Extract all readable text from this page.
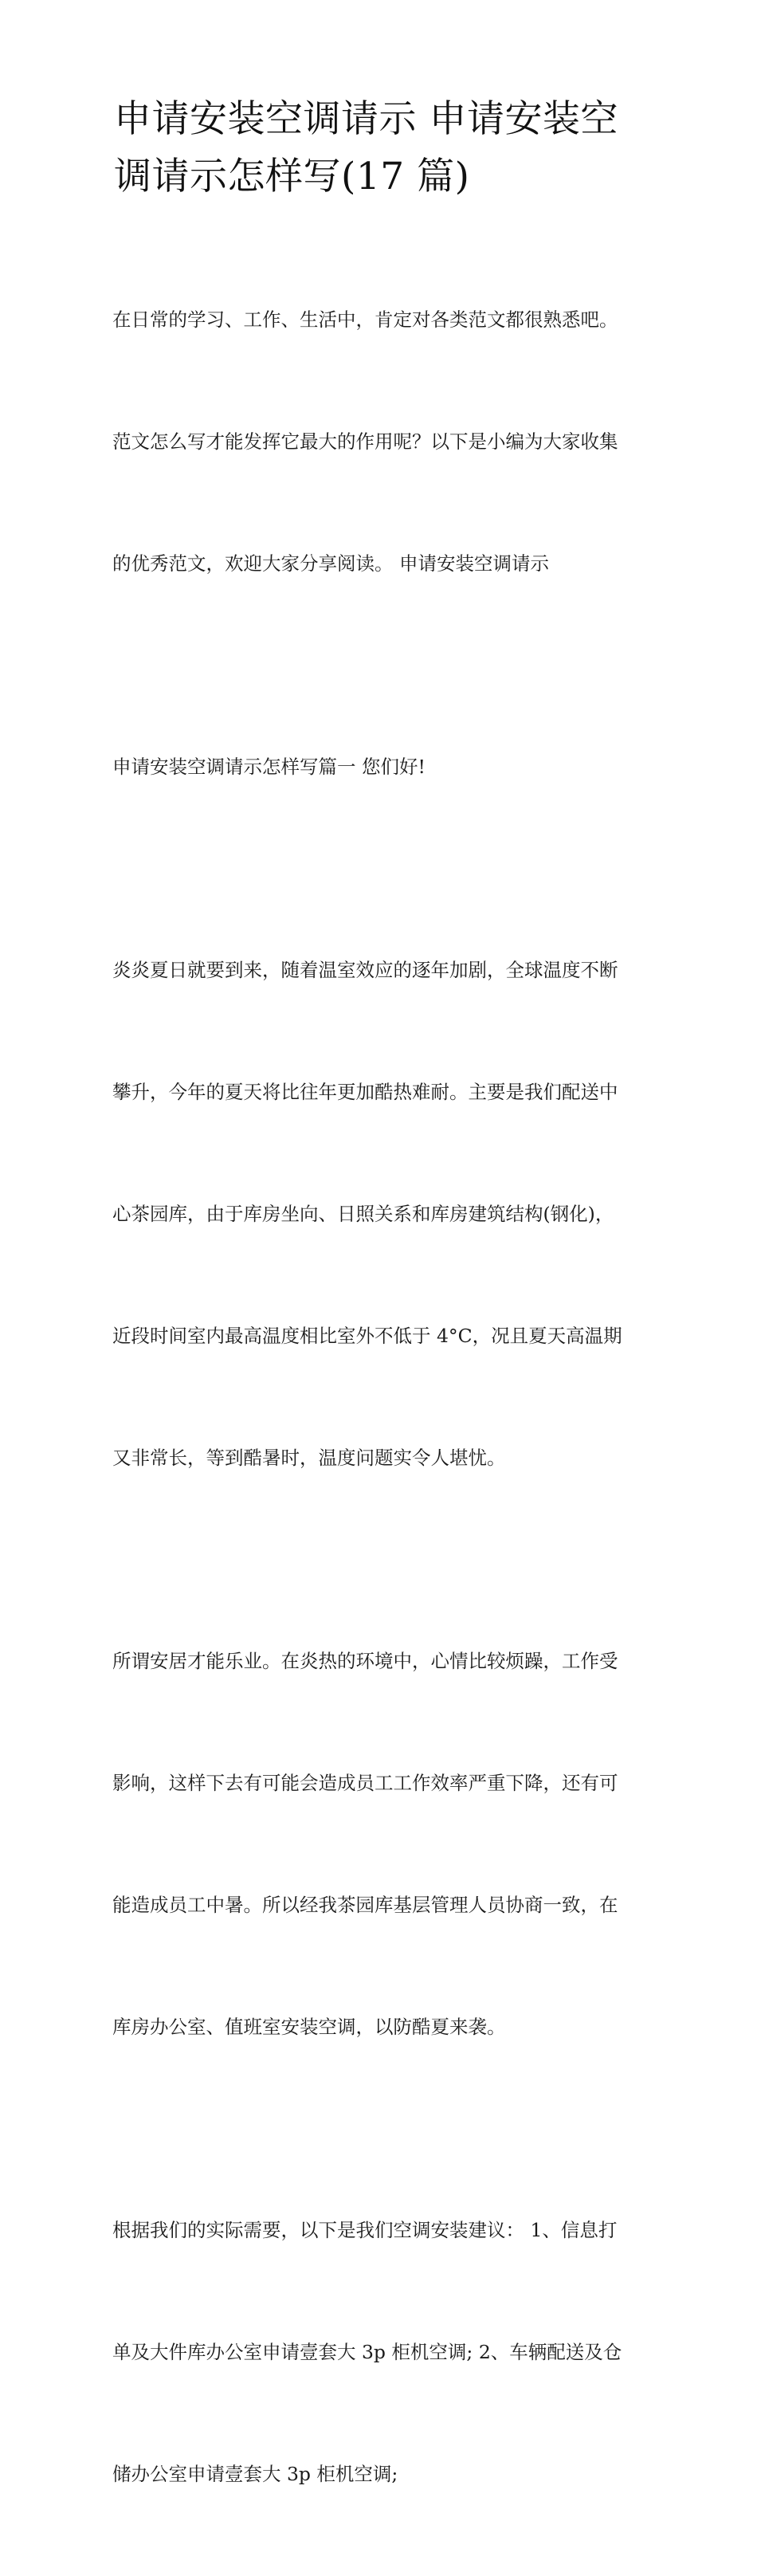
申请安装空调请示 申请安装空
调请示怎样写(17 篇)

在日常的学习、工作、生活中，肯定对各类范文都很熟悉吧。

范文怎么写才能发挥它最大的作用呢？以下是小编为大家收集

的优秀范文，欢迎大家分享阅读。 申请安装空调请示

申请安装空调请示怎样写篇一 您们好!

炎炎夏日就要到来，随着温室效应的逐年加剧，全球温度不断

攀升，今年的夏天将比往年更加酷热难耐。主要是我们配送中

心茶园库，由于库房坐向、日照关系和库房建筑结构(钢化)，

近段时间室内最高温度相比室外不低于 4°C，况且夏天高温期

又非常长，等到酷暑时，温度问题实令人堪忧。

所谓安居才能乐业。在炎热的环境中，心情比较烦躁，工作受

影响，这样下去有可能会造成员工工作效率严重下降，还有可

能造成员工中暑。所以经我茶园库基层管理人员协商一致，在

库房办公室、值班室安装空调，以防酷夏来袭。

根据我们的实际需要，以下是我们空调安装建议： 1、信息打

单及大件库办公室申请壹套大 3p 柜机空调; 2、车辆配送及仓

储办公室申请壹套大 3p 柜机空调;
